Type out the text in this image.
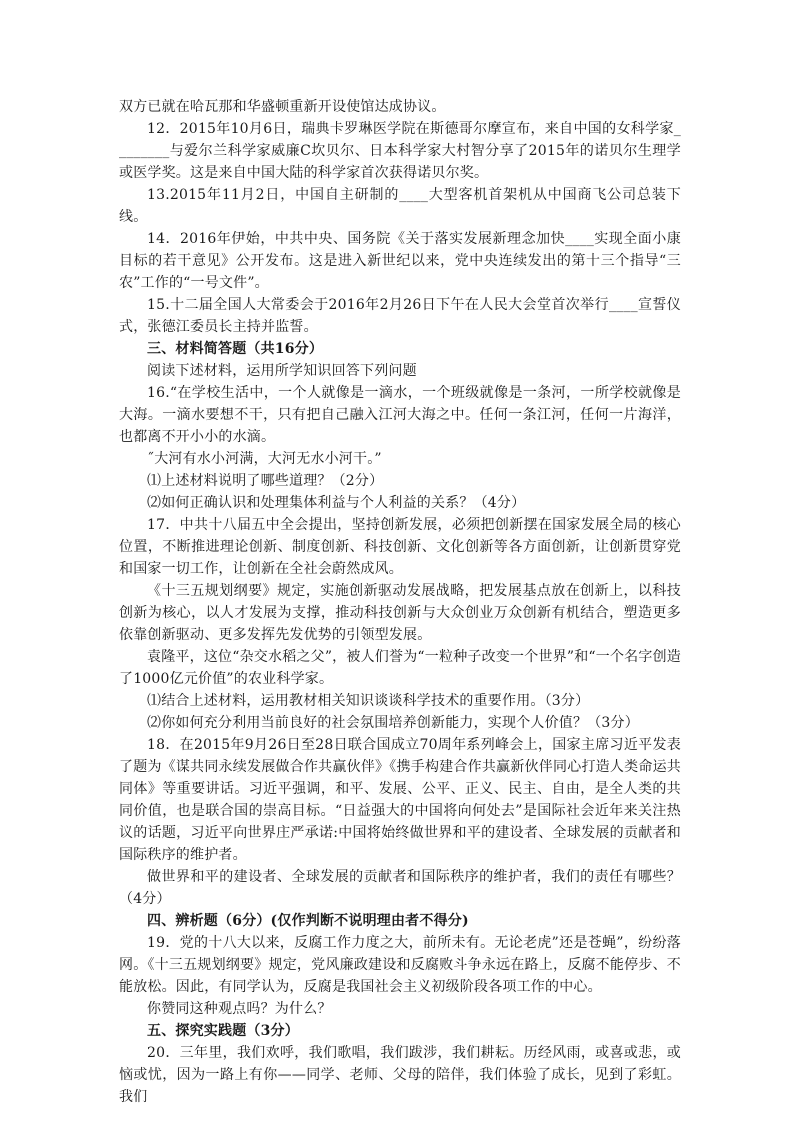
双方已就在哈瓦那和华盛顿重新开设使馆达成协议。

12．2015年10月6日，瑞典卡罗琳医学院在斯德哥尔摩宣布，来自中国的女科学家________与爱尔兰科学家威廉C坎贝尔、日本科学家大村智分享了2015年的诺贝尔生理学或医学奖。这是来自中国大陆的科学家首次获得诺贝尔奖。

13.2015年11月2日，中国自主研制的____大型客机首架机从中国商飞公司总装下线。

14．2016年伊始，中共中央、国务院《关于落实发展新理念加快____实现全面小康目标的若干意见》公开发布。这是进入新世纪以来，党中央连续发出的第十三个指导“三农”工作的“一号文件”。

15.十二届全国人大常委会于2016年2月26日下午在人民大会堂首次举行____宣誓仪式，张德江委员长主持并监誓。

三、材料简答题（共16分）

阅读下述材料，运用所学知识回答下列问题

16.“在学校生活中，一个人就像是一滴水，一个班级就像是一条河，一所学校就像是大海。一滴水要想不干，只有把自己融入江河大海之中。任何一条江河，任何一片海洋，也都离不开小小的水滴。

˝大河有水小河满，大河无水小河干。”

⑴上述材料说明了哪些道理？（2分）

⑵如何正确认识和处理集体利益与个人利益的关系？（4分）

17．中共十八届五中全会提出，坚持创新发展，必须把创新摆在国家发展全局的核心位置，不断推进理论创新、制度创新、科技创新、文化创新等各方面创新，让创新贯穿党和国家一切工作，让创新在全社会蔚然成风。

《十三五规划纲要》规定，实施创新驱动发展战略，把发展基点放在创新上，以科技创新为核心，以人才发展为支撑，推动科技创新与大众创业万众创新有机结合，塑造更多依靠创新驱动、更多发挥先发优势的引领型发展。

袁隆平，这位“杂交水稻之父”，被人们誉为“一粒种子改变一个世界”和“一个名字创造了1000亿元价值”的农业科学家。

⑴结合上述材料，运用教材相关知识谈谈科学技术的重要作用。（3分）

⑵你如何充分利用当前良好的社会氛围培养创新能力，实现个人价值？（3分）

18．在2015年9月26日至28日联合国成立70周年系列峰会上，国家主席习近平发表了题为《谋共同永续发展做合作共赢伙伴》《携手构建合作共赢新伙伴同心打造人类命运共同体》等重要讲话。习近平强调，和平、发展、公平、正义、民主、自由，是全人类的共同价值，也是联合国的崇高目标。“日益强大的中国将向何处去”是国际社会近年来关注热议的话题，习近平向世界庄严承诺:中国将始终做世界和平的建设者、全球发展的贡献者和国际秩序的维护者。

做世界和平的建设者、全球发展的贡献者和国际秩序的维护者，我们的责任有哪些？（4分）

四、辨析题（6分）(仅作判断不说明理由者不得分)

19．党的十八大以来，反腐工作力度之大，前所未有。无论老虎”还是苍蝇”，纷纷落网。《十三五规划纲要》规定，党风廉政建设和反腐败斗争永远在路上，反腐不能停步、不能放松。因此，有同学认为，反腐是我国社会主义初级阶段各项工作的中心。

你赞同这种观点吗？为什么？

五、探究实践题（3分）

20．三年里，我们欢呼，我们歌唱，我们跋涉，我们耕耘。历经风雨，或喜或悲，或恼或忧，因为一路上有你——同学、老师、父母的陪伴，我们体验了成长，见到了彩虹。我们
